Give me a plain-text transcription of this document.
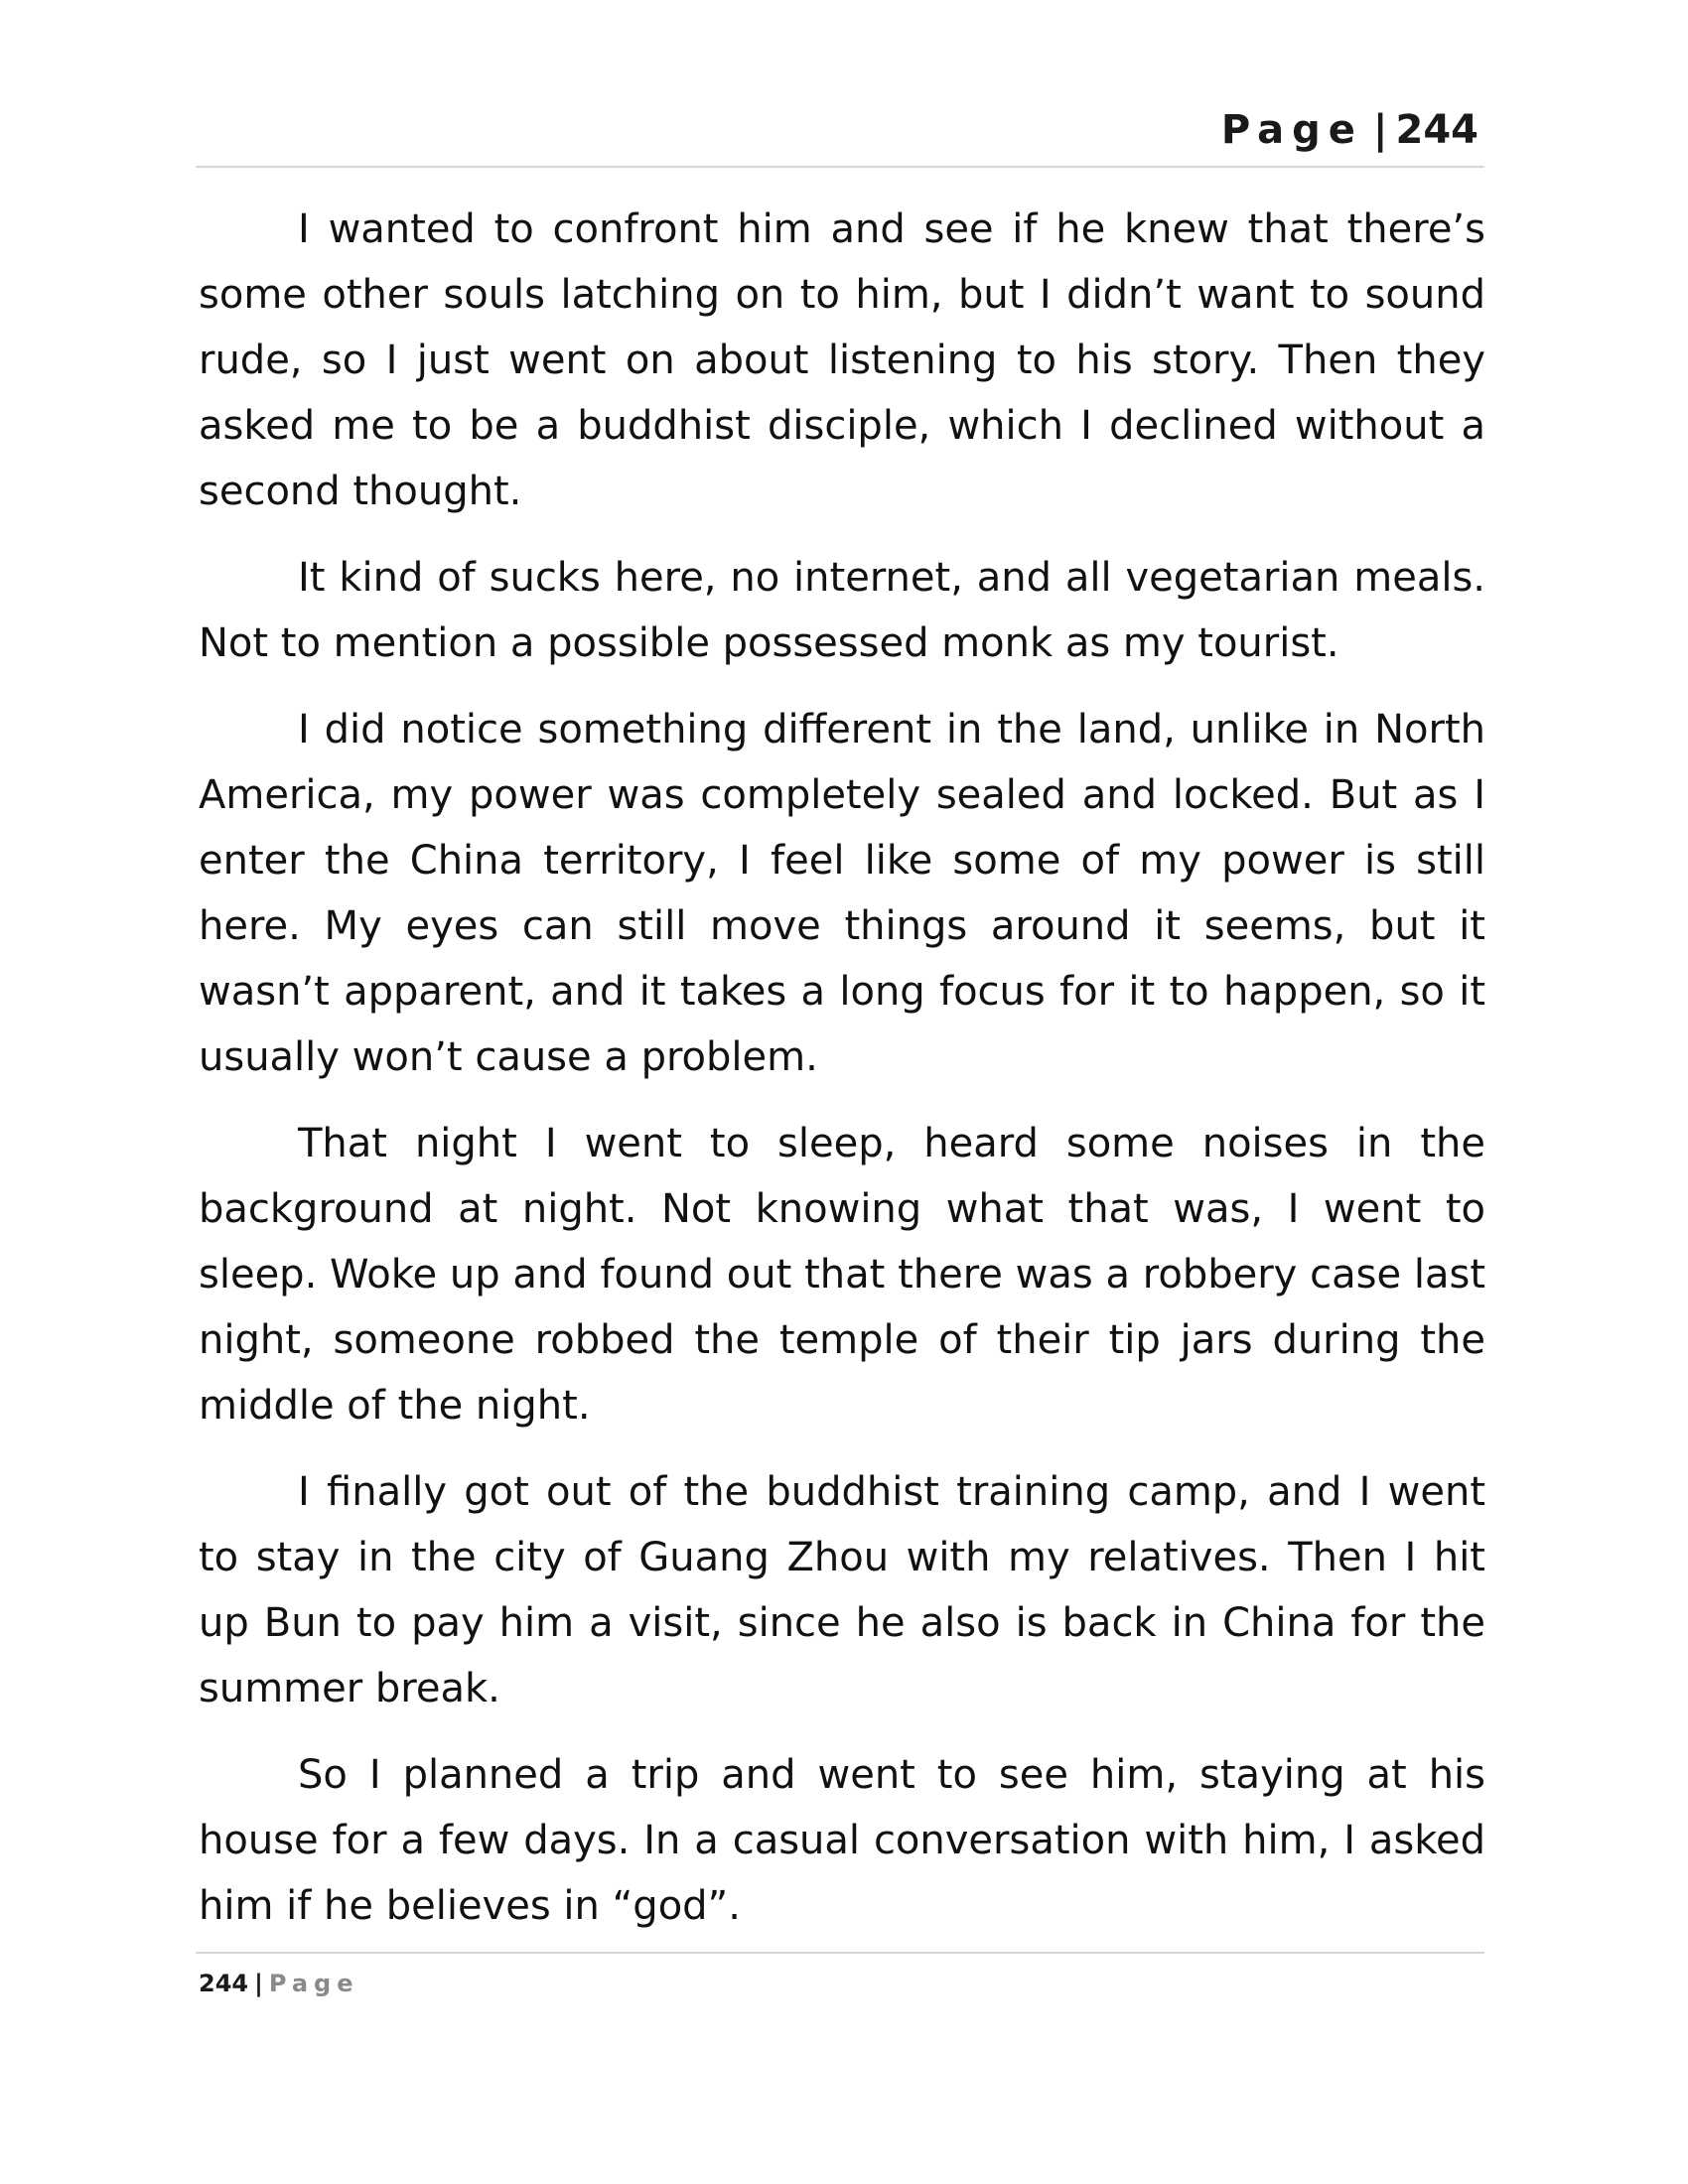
Page | 244

I wanted to confront him and see if he knew that there’s some other souls latching on to him, but I didn’t want to sound rude, so I just went on about listening to his story. Then they asked me to be a buddhist disciple, which I declined without a second thought.

It kind of sucks here, no internet, and all vegetarian meals. Not to mention a possible possessed monk as my tourist.

I did notice something different in the land, unlike in North America, my power was completely sealed and locked. But as I enter the China territory, I feel like some of my power is still here. My eyes can still move things around it seems, but it wasn’t apparent, and it takes a long focus for it to happen, so it usually won’t cause a problem.

That night I went to sleep, heard some noises in the background at night. Not knowing what that was, I went to sleep. Woke up and found out that there was a robbery case last night, someone robbed the temple of their tip jars during the middle of the night.

I finally got out of the buddhist training camp, and I went to stay in the city of Guang Zhou with my relatives. Then I hit up Bun to pay him a visit, since he also is back in China for the summer break.

So I planned a trip and went to see him, staying at his house for a few days. In a casual conversation with him, I asked him if he believes in “god”.

244 | Page
